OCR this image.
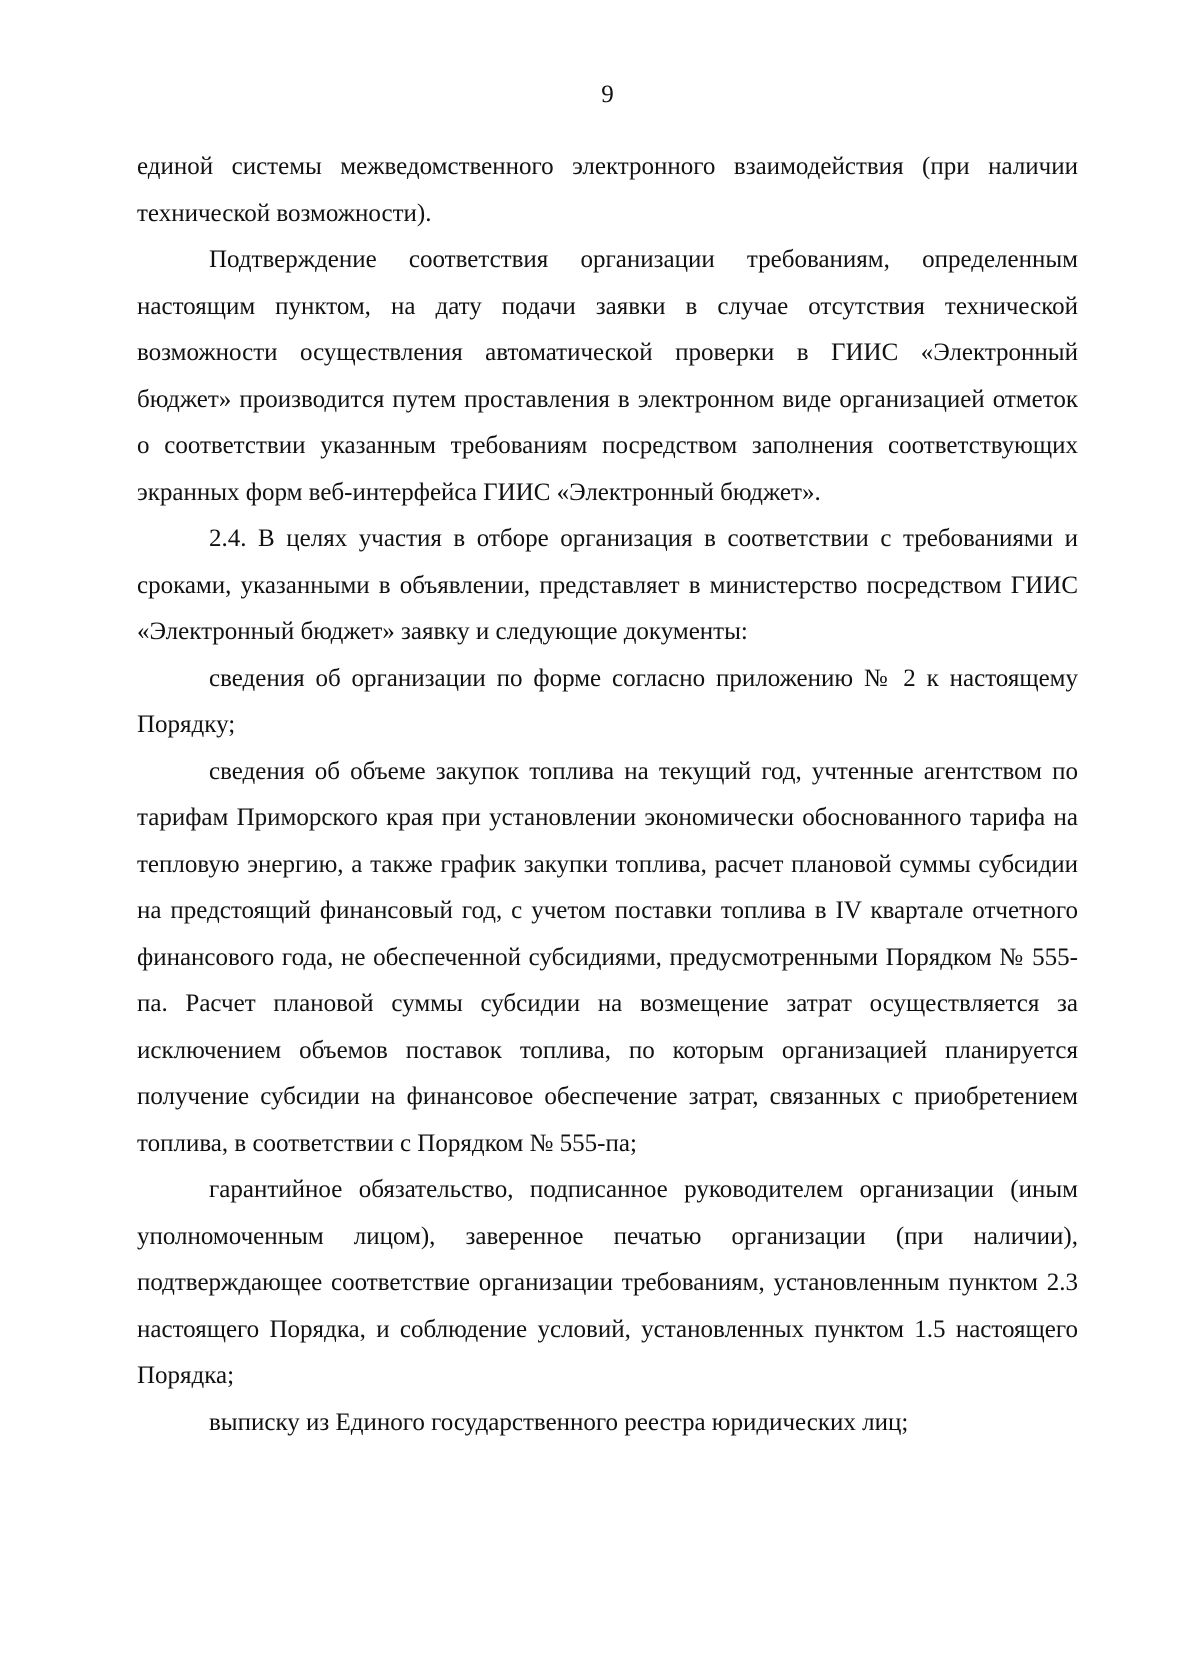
9

единой системы межведомственного электронного взаимодействия (при наличии технической возможности).

Подтверждение соответствия организации требованиям, определенным настоящим пунктом, на дату подачи заявки в случае отсутствия технической возможности осуществления автоматической проверки в ГИИС «Электронный бюджет» производится путем проставления в электронном виде организацией отметок о соответствии указанным требованиям посредством заполнения соответствующих экранных форм веб-интерфейса ГИИС «Электронный бюджет».

2.4. В целях участия в отборе организация в соответствии с требованиями и сроками, указанными в объявлении, представляет в министерство посредством ГИИС «Электронный бюджет» заявку и следующие документы:

сведения об организации по форме согласно приложению № 2 к настоящему Порядку;

сведения об объеме закупок топлива на текущий год, учтенные агентством по тарифам Приморского края при установлении экономически обоснованного тарифа на тепловую энергию, а также график закупки топлива, расчет плановой суммы субсидии на предстоящий финансовый год, с учетом поставки топлива в IV квартале отчетного финансового года, не обеспеченной субсидиями, предусмотренными Порядком № 555-па. Расчет плановой суммы субсидии на возмещение затрат осуществляется за исключением объемов поставок топлива, по которым организацией планируется получение субсидии на финансовое обеспечение затрат, связанных с приобретением топлива, в соответствии с Порядком № 555-па;

гарантийное обязательство, подписанное руководителем организации (иным уполномоченным лицом), заверенное печатью организации (при наличии), подтверждающее соответствие организации требованиям, установленным пунктом 2.3 настоящего Порядка, и соблюдение условий, установленных пунктом 1.5 настоящего Порядка;

выписку из Единого государственного реестра юридических лиц;
